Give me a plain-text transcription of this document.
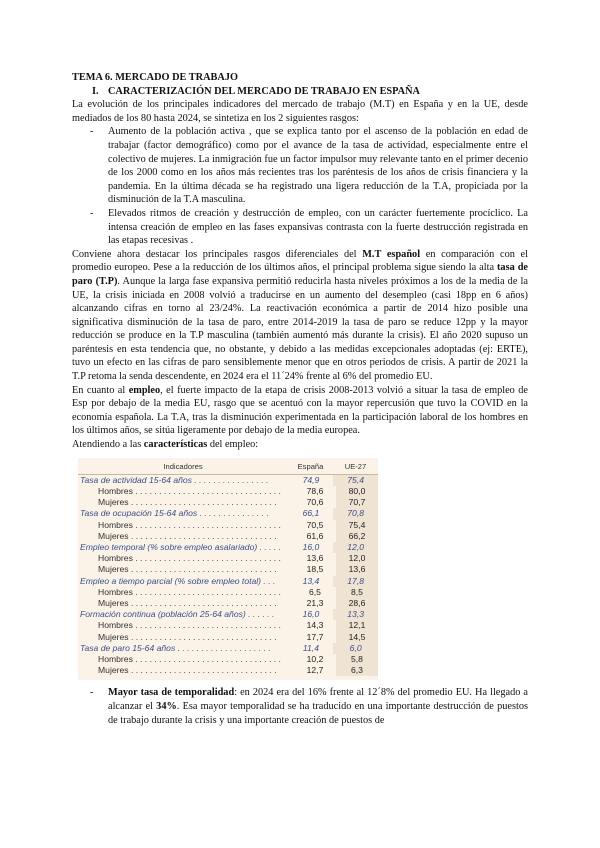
TEMA 6. MERCADO DE TRABAJO
I. CARACTERIZACIÓN DEL MERCADO DE TRABAJO EN ESPAÑA

La evolución de los principales indicadores del mercado de trabajo (M.T) en España y en la UE, desde mediados de los 80 hasta 2024, se sintetiza en los 2 siguientes rasgos:

- Aumento de la población activa , que se explica tanto por el ascenso de la población en edad de trabajar (factor demográfico) como por el avance de la tasa de actividad, especialmente entre el colectivo de mujeres. La inmigración fue un factor impulsor muy relevante tanto en el primer decenio de los 2000 como en los años más recientes tras los paréntesis de los años de crisis financiera y la pandemia. En la última década se ha registrado una ligera reducción de la T.A, propiciada por la disminución de la T.A masculina.
- Elevados ritmos de creación y destrucción de empleo, con un carácter fuertemente procíclico. La intensa creación de empleo en las fases expansivas contrasta con la fuerte destrucción registrada en las etapas recesivas .

Conviene ahora destacar los principales rasgos diferenciales del M.T español en comparación con el promedio europeo. Pese a la reducción de los últimos años, el principal problema sigue siendo la alta tasa de paro (T.P). Aunque la larga fase expansiva permitió reducirla hasta niveles próximos a los de la media de la UE, la crisis iniciada en 2008 volvió a traducirse en un aumento del desempleo (casi 18pp en 6 años) alcanzando cifras en torno al 23/24%. La reactivación económica a partir de 2014 hizo posible una significativa disminución de la tasa de paro, entre 2014-2019 la tasa de paro se reduce 12pp y la mayor reducción se produce en la T.P masculina (también aumentó más durante la crisis). El año 2020 supuso un paréntesis en esta tendencia que, no obstante, y debido a las medidas excepcionales adoptadas (ej: ERTE), tuvo un efecto en las cifras de paro sensiblemente menor que en otros periodos de crisis. A partir de 2021 la T.P retoma la senda descendente, en 2024 era el 11´24% frente al 6% del promedio EU.

En cuanto al empleo, el fuerte impacto de la etapa de crisis 2008-2013 volvió a situar la tasa de empleo de Esp por debajo de la media EU, rasgo que se acentuó con la mayor repercusión que tuvo la COVID en la economía española. La T.A, tras la disminución experimentada en la participación laboral de los hombres en los últimos años, se sitúa ligeramente por debajo de la media europea.

Atendiendo a las características del empleo:

Indicadores	España	UE-27
Tasa de actividad 15-64 años . . . . . . . . . . . . . . . .	74,9	75,4
Hombres . . . . . . . . . . . . . . . . . . . . . . . . . . . . . . .	78,6	80,0
Mujeres . . . . . . . . . . . . . . . . . . . . . . . . . . . . . . .	70,6	70,7
Tasa de ocupación 15-64 años . . . . . . . . . . . . . . .	66,1	70,8
Hombres . . . . . . . . . . . . . . . . . . . . . . . . . . . . . . .	70,5	75,4
Mujeres . . . . . . . . . . . . . . . . . . . . . . . . . . . . . . .	61,6	66,2
Empleo temporal (% sobre empleo asalariado) . . . . .	16,0	12,0
Hombres . . . . . . . . . . . . . . . . . . . . . . . . . . . . . . .	13,6	12,0
Mujeres . . . . . . . . . . . . . . . . . . . . . . . . . . . . . . .	18,5	13,6
Empleo a tiempo parcial (% sobre empleo total) . . .	13,4	17,8
Hombres . . . . . . . . . . . . . . . . . . . . . . . . . . . . . . .	6,5	8,5
Mujeres . . . . . . . . . . . . . . . . . . . . . . . . . . . . . . .	21,3	28,6
Formación continua (población 25-64 años) . . . . . .	16,0	13,3
Hombres . . . . . . . . . . . . . . . . . . . . . . . . . . . . . . .	14,3	12,1
Mujeres . . . . . . . . . . . . . . . . . . . . . . . . . . . . . . .	17,7	14,5
Tasa de paro 15-64 años . . . . . . . . . . . . . . . . . . . .	11,4	6,0
Hombres . . . . . . . . . . . . . . . . . . . . . . . . . . . . . . .	10,2	5,8
Mujeres . . . . . . . . . . . . . . . . . . . . . . . . . . . . . . .	12,7	6,3
- Mayor tasa de temporalidad: en 2024 era del 16% frente al 12´8% del promedio EU. Ha llegado a alcanzar el 34%. Esa mayor temporalidad se ha traducido en una importante destrucción de puestos de trabajo durante la crisis y una importante creación de puestos de
